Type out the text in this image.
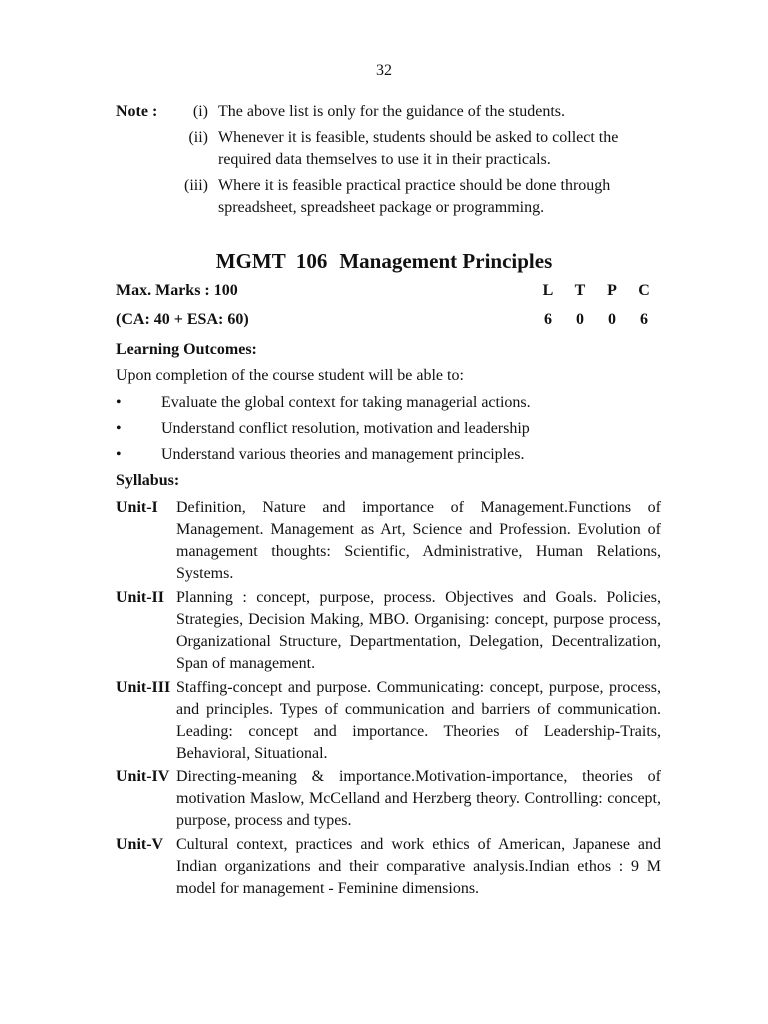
32
Note :	(i) The above list is only for the guidance of the students.
(ii) Whenever it is feasible, students should be asked to collect the required data themselves to use it in their practicals.
(iii) Where it is feasible practical practice should be done through spreadsheet, spreadsheet package or programming.
MGMT  106 Management Principles
Max. Marks : 100	L	T	P	C
(CA: 40 + ESA: 60)	6	0	0	6
Learning Outcomes:
Upon completion of the course student will be able to:
•	Evaluate the global context for taking managerial actions.
•	Understand conflict resolution, motivation and leadership
•	Understand various theories and management principles.
Syllabus:
Unit-I	Definition, Nature and importance of Management.Functions of Management. Management as Art, Science and Profession. Evolution of management thoughts: Scientific, Administrative, Human Relations, Systems.
Unit-II Planning : concept, purpose, process. Objectives and Goals. Policies, Strategies, Decision Making, MBO. Organising: concept, purpose process, Organizational Structure, Departmentation, Delegation, Decentralization, Span of management.
Unit-III Staffing-concept and purpose. Communicating: concept, purpose, process, and principles. Types of communication and barriers of communication. Leading: concept and importance. Theories of Leadership-Traits, Behavioral, Situational.
Unit-IV Directing-meaning & importance.Motivation-importance, theories of motivation Maslow, McCelland and Herzberg theory. Controlling: concept, purpose, process and types.
Unit-V Cultural context, practices and work ethics of American, Japanese and Indian organizations and their comparative analysis.Indian ethos : 9 M model for management - Feminine dimensions.
